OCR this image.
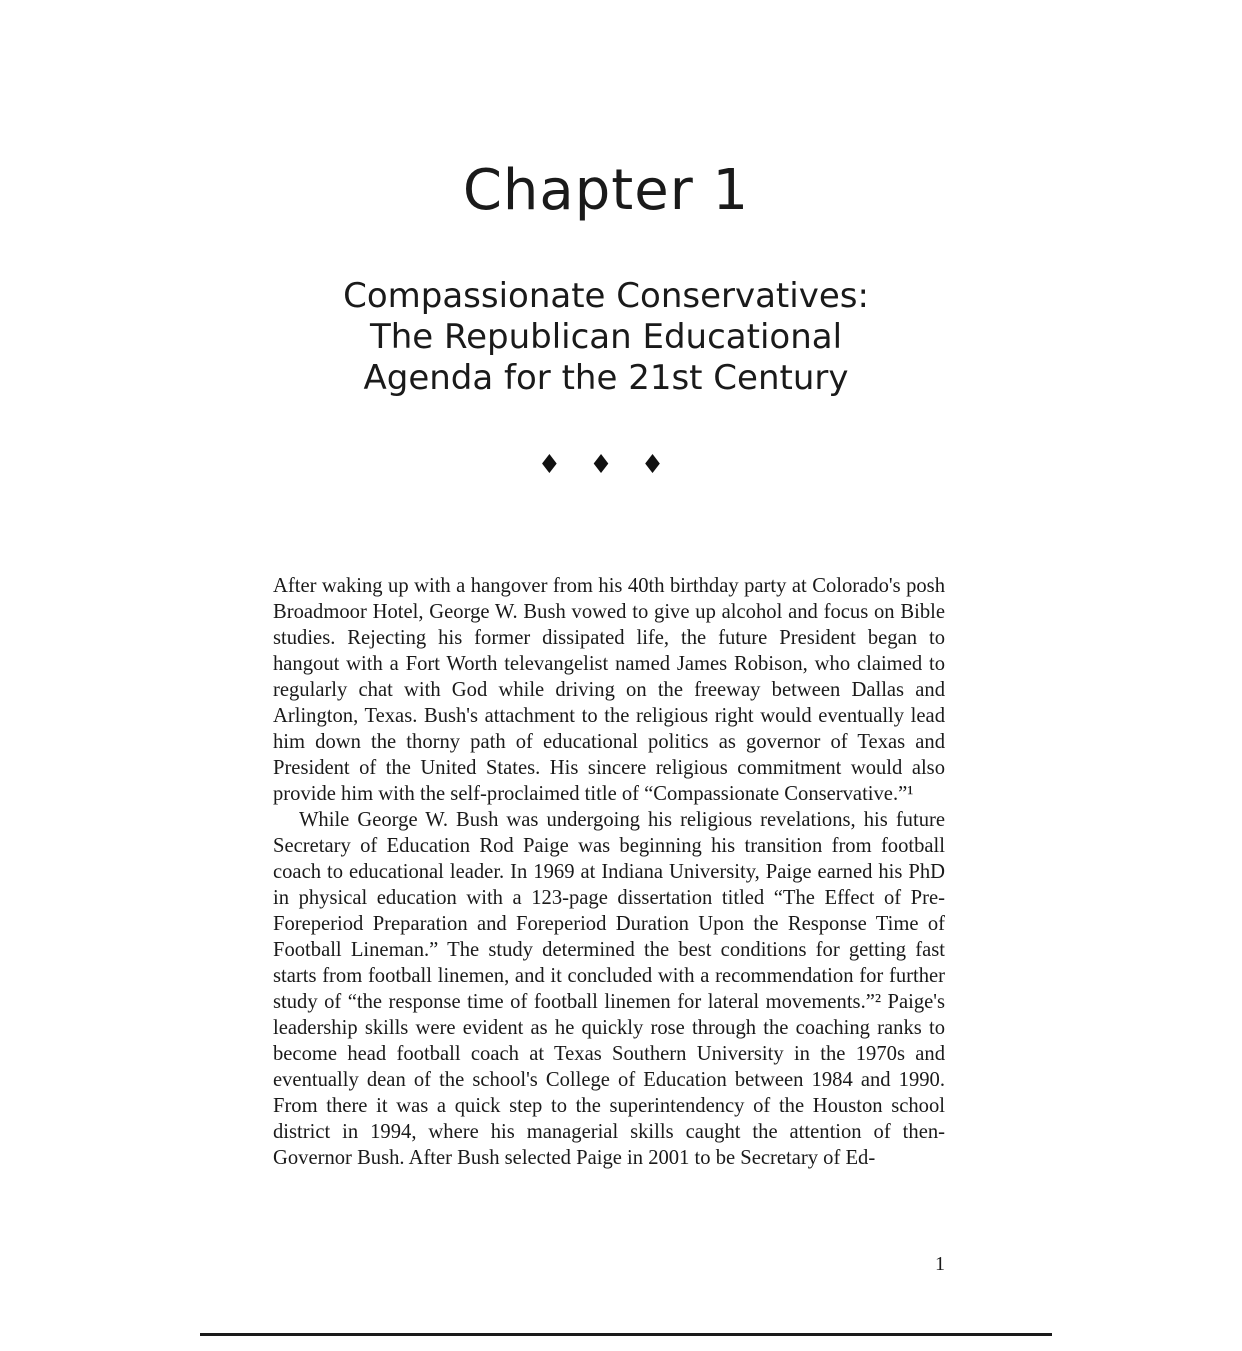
Chapter 1
Compassionate Conservatives:
The Republican Educational
Agenda for the 21st Century
♦ ♦ ♦

After waking up with a hangover from his 40th birthday party at Colorado's posh Broadmoor Hotel, George W. Bush vowed to give up alcohol and focus on Bible studies. Rejecting his former dissipated life, the future President began to hangout with a Fort Worth televangelist named James Robison, who claimed to regularly chat with God while driving on the freeway between Dallas and Arlington, Texas. Bush's attachment to the religious right would eventually lead him down the thorny path of educational politics as governor of Texas and President of the United States. His sincere religious commitment would also provide him with the self-proclaimed title of “Compassionate Conservative.”¹

While George W. Bush was undergoing his religious revelations, his future Secretary of Education Rod Paige was beginning his transition from football coach to educational leader. In 1969 at Indiana University, Paige earned his PhD in physical education with a 123-page dissertation titled “The Effect of Pre-Foreperiod Preparation and Foreperiod Duration Upon the Response Time of Football Lineman.” The study determined the best conditions for getting fast starts from football linemen, and it concluded with a recommendation for further study of “the response time of football linemen for lateral movements.”² Paige's leadership skills were evident as he quickly rose through the coaching ranks to become head football coach at Texas Southern University in the 1970s and eventually dean of the school's College of Education between 1984 and 1990. From there it was a quick step to the superintendency of the Houston school district in 1994, where his managerial skills caught the attention of then-Governor Bush. After Bush selected Paige in 2001 to be Secretary of Ed-

1
